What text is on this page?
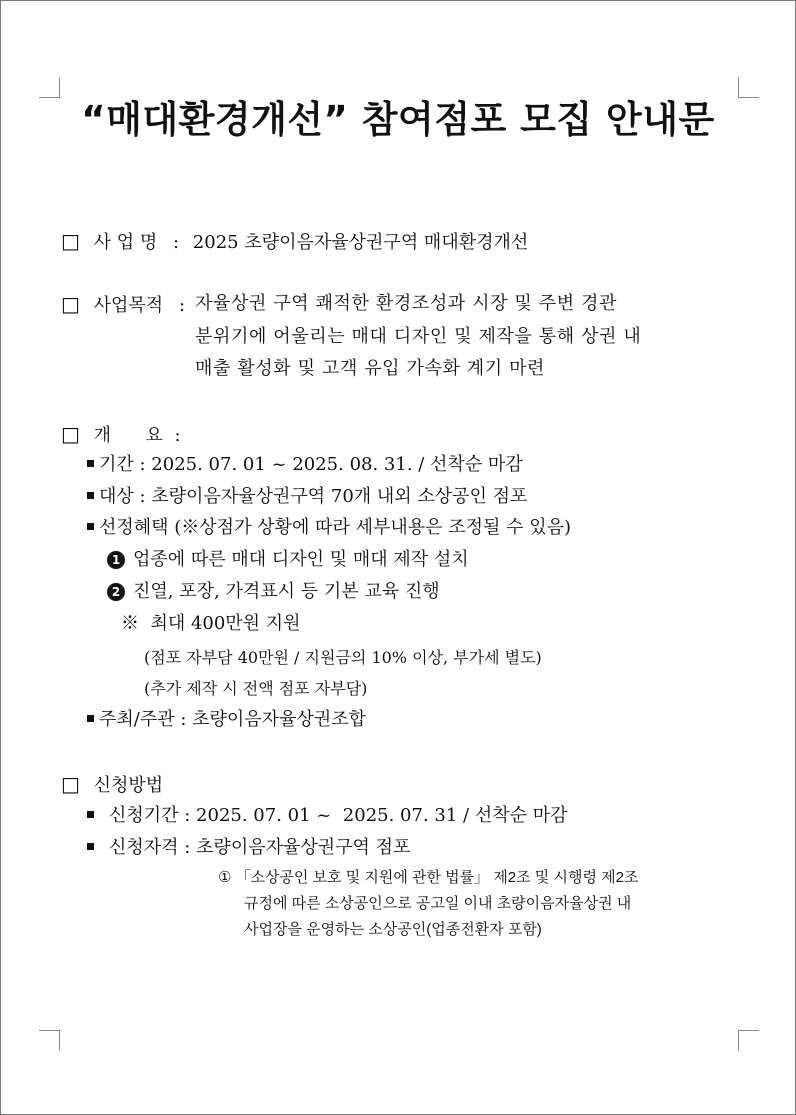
“매대환경개선” 참여점포 모집 안내문
□ 사 업 명 : 2025 초량이음자율상권구역 매대환경개선
□ 사업목적 : 자율상권 구역 쾌적한 환경조성과 시장 및 주변 경관
분위기에 어울리는 매대 디자인 및 제작을 통해 상권 내
매출 활성화 및 고객 유입 가속화 계기 마련
□ 개      요 :
기간 : 2025. 07. 01 ~ 2025. 08. 31. / 선착순 마감
대상 : 초량이음자율상권구역 70개 내외 소상공인 점포
선정혜택 (※상점가 상황에 따라 세부내용은 조정될 수 있음)
1 업종에 따른 매대 디자인 및 매대 제작 설치
2 진열, 포장, 가격표시 등 기본 교육 진행
※  최대 400만원 지원
(점포 자부담 40만원 / 지원금의 10% 이상, 부가세 별도)
(추가 제작 시 전액 점포 자부담)
주최/주관 : 초량이음자율상권조합
□ 신청방법
신청기간 : 2025. 07. 01 ~  2025. 07. 31 / 선착순 마감
신청자격 : 초량이음자율상권구역 점포
① 「소상공인 보호 및 지원에 관한 법률」 제2조 및 시행령 제2조
규정에 따른 소상공인으로 공고일 이내 초량이음자율상권 내
사업장을 운영하는 소상공인(업종전환자 포함)
